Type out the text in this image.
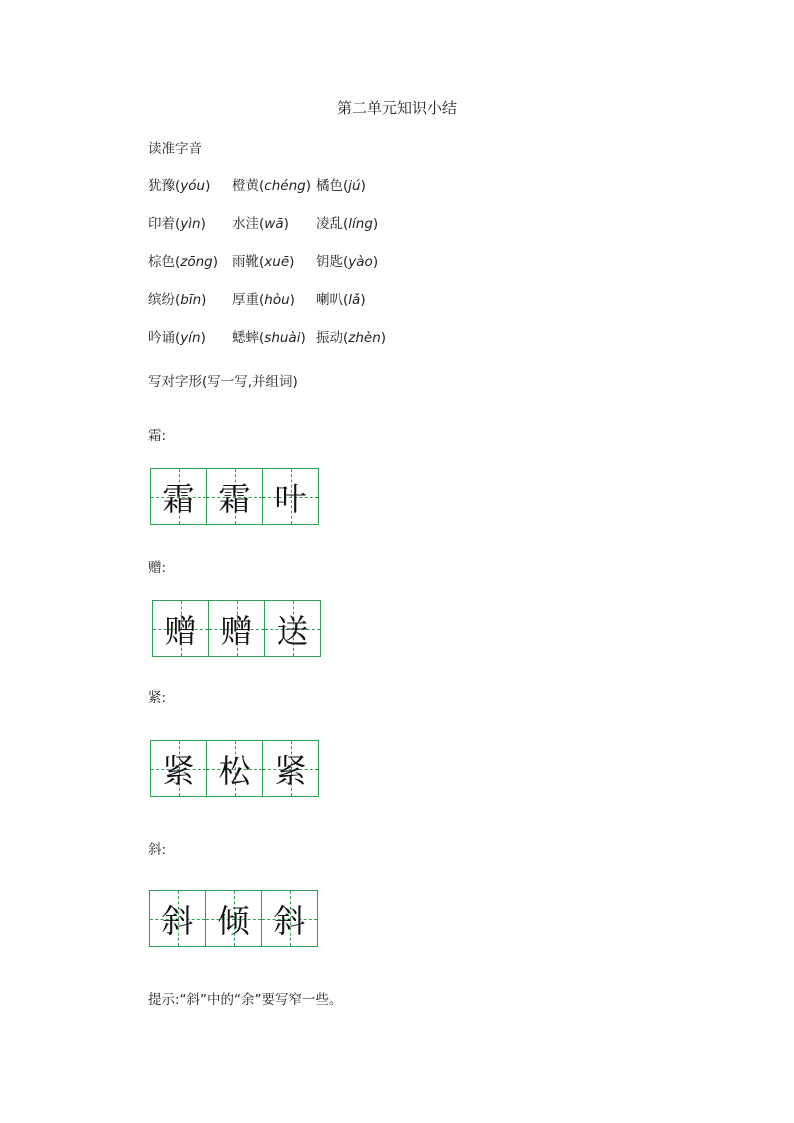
第二单元知识小结
读准字音
犹豫(yóu) 橙黄(chéng) 橘色(jú)
印着(yìn) 水洼(wā) 凌乱(líng)
棕色(zōng) 雨靴(xuē) 钥匙(yào)
缤纷(bīn) 厚重(hòu) 喇叭(lǎ)
吟诵(yín) 蟋蟀(shuài) 振动(zhèn)
写对字形(写一写,并组词)
霜:
霜 霜 叶
赠:
赠 赠 送
紧:
紧 松 紧
斜:
斜 倾 斜
提示:“斜”中的“余”要写窄一些。
